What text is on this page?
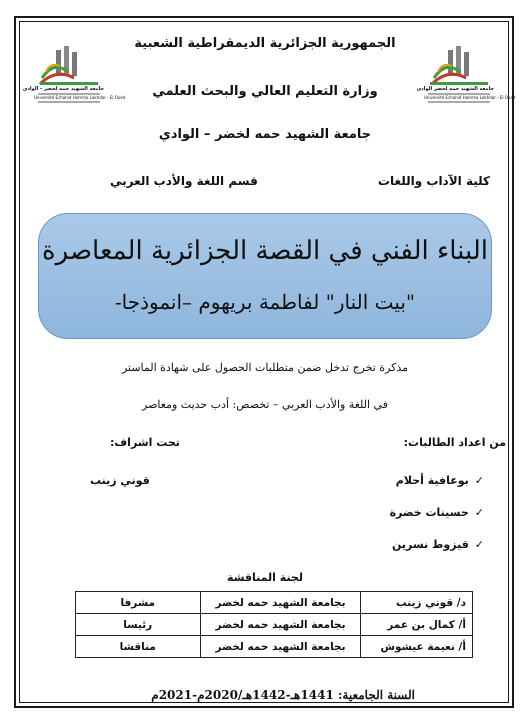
الجمهورية الجزائرية الديمقراطية الشعبية
وزارة التعليم العالي والبحث العلمي
جامعة الشهيد حمه لخضر – الوادي
جامعة الشهيد حمه لخضر - الوادي
Université Echahid Hamma Lakhdar - El Oued
جامعة الشهيد حمه لخضر الوادي
Université Echahid Hamma Lakhdar - El Oued
كلية الآداب واللغات
قسم اللغة والأدب العربي
البناء الفني في القصة الجزائرية المعاصرة
"بيت النار" لفاطمة بريهوم –انموذجا-
مذكرة تخرج تدخل ضمن متطلبات الحصول على شهادة الماستر
في اللغة والأدب العربي – تخصص: أدب حديث ومعاصر
من اعداد الطالبات:
تحت اشراف:
✓بوعافية أحلام
✓حسينات خضرة
✓قيزوط نسرين
قوني زينب
لجنة المناقشة
د/ قوني زينب	بجامعة الشهيد حمه لخضر	مشرفا
أ/ كمال بن عمر	بجامعة الشهيد حمه لخضر	رئيسا
أ/ نعيمة عيشوش	بجامعة الشهيد حمه لخضر	مناقشا
السنة الجامعية: 1441هـ-1442هـ/2020م-2021م
